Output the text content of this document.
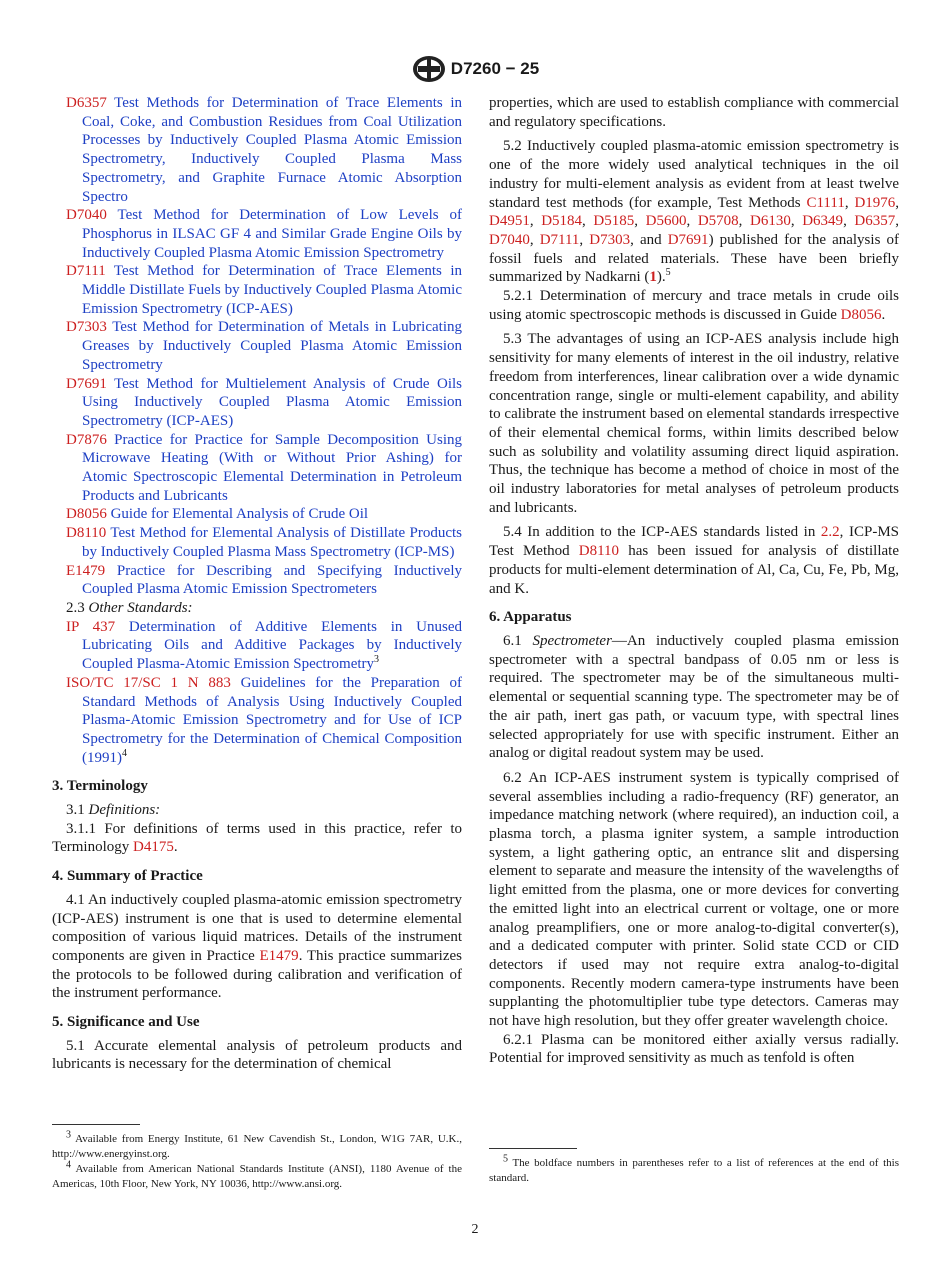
D7260 − 25

D6357 Test Methods for Determination of Trace Elements in Coal, Coke, and Combustion Residues from Coal Utilization Processes by Inductively Coupled Plasma Atomic Emission Spectrometry, Inductively Coupled Plasma Mass Spectrometry, and Graphite Furnace Atomic Absorption Spectro

D7040 Test Method for Determination of Low Levels of Phosphorus in ILSAC GF 4 and Similar Grade Engine Oils by Inductively Coupled Plasma Atomic Emission Spectrometry

D7111 Test Method for Determination of Trace Elements in Middle Distillate Fuels by Inductively Coupled Plasma Atomic Emission Spectrometry (ICP-AES)

D7303 Test Method for Determination of Metals in Lubricating Greases by Inductively Coupled Plasma Atomic Emission Spectrometry

D7691 Test Method for Multielement Analysis of Crude Oils Using Inductively Coupled Plasma Atomic Emission Spectrometry (ICP-AES)

D7876 Practice for Practice for Sample Decomposition Using Microwave Heating (With or Without Prior Ashing) for Atomic Spectroscopic Elemental Determination in Petroleum Products and Lubricants

D8056 Guide for Elemental Analysis of Crude Oil

D8110 Test Method for Elemental Analysis of Distillate Products by Inductively Coupled Plasma Mass Spectrometry (ICP-MS)

E1479 Practice for Describing and Specifying Inductively Coupled Plasma Atomic Emission Spectrometers

2.3 Other Standards:

IP 437 Determination of Additive Elements in Unused Lubricating Oils and Additive Packages by Inductively Coupled Plasma-Atomic Emission Spectrometry$^3$

ISO/TC 17/SC 1 N 883 Guidelines for the Preparation of Standard Methods of Analysis Using Inductively Coupled Plasma-Atomic Emission Spectrometry and for Use of ICP Spectrometry for the Determination of Chemical Composition $(1991)^4$

3. Terminology

3.1 Definitions:

3.1.1 For definitions of terms used in this practice, refer to Terminology D4175.

4. Summary of Practice

4.1 An inductively coupled plasma-atomic emission spectrometry (ICP-AES) instrument is one that is used to determine elemental composition of various liquid matrices. Details of the instrument components are given in Practice E1479. This practice summarizes the protocols to be followed during calibration and verification of the instrument performance.

5. Significance and Use

5.1 Accurate elemental analysis of petroleum products and lubricants is necessary for the determination of chemical

$^3$ Available from Energy Institute, 61 New Cavendish St., London, W1G 7AR, U.K., http://www.energyinst.org.

$^4$ Available from American National Standards Institute (ANSI), 1180 Avenue of the Americas, 10th Floor, New York, NY 10036, http://www.ansi.org.

properties, which are used to establish compliance with commercial and regulatory specifications.

5.2 Inductively coupled plasma-atomic emission spectrometry is one of the more widely used analytical techniques in the oil industry for multi-element analysis as evident from at least twelve standard test methods (for example, Test Methods C1111, D1976, D4951, D5184, D5185, D5600, D5708, D6130, D6349, D6357, D7040, D7111, D7303, and D7691) published for the analysis of fossil fuels and related materials. These have been briefly summarized by Nadkarni (1).$^5$

5.2.1 Determination of mercury and trace metals in crude oils using atomic spectroscopic methods is discussed in Guide D8056.

5.3 The advantages of using an ICP-AES analysis include high sensitivity for many elements of interest in the oil industry, relative freedom from interferences, linear calibration over a wide dynamic concentration range, single or multi-element capability, and ability to calibrate the instrument based on elemental standards irrespective of their elemental chemical forms, within limits described below such as solubility and volatility assuming direct liquid aspiration. Thus, the technique has become a method of choice in most of the oil industry laboratories for metal analyses of petroleum products and lubricants.

5.4 In addition to the ICP-AES standards listed in 2.2, ICP-MS Test Method D8110 has been issued for analysis of distillate products for multi-element determination of Al, Ca, Cu, Fe, Pb, Mg, and K.

6. Apparatus

6.1 Spectrometer—An inductively coupled plasma emission spectrometer with a spectral bandpass of 0.05 nm or less is required. The spectrometer may be of the simultaneous multi-elemental or sequential scanning type. The spectrometer may be of the air path, inert gas path, or vacuum type, with spectral lines selected appropriately for use with specific instrument. Either an analog or digital readout system may be used.

6.2 An ICP-AES instrument system is typically comprised of several assemblies including a radio-frequency (RF) generator, an impedance matching network (where required), an induction coil, a plasma torch, a plasma igniter system, a sample introduction system, a light gathering optic, an entrance slit and dispersing element to separate and measure the intensity of the wavelengths of light emitted from the plasma, one or more devices for converting the emitted light into an electrical current or voltage, one or more analog preamplifiers, one or more analog-to-digital converter(s), and a dedicated computer with printer. Solid state CCD or CID detectors if used may not require extra analog-to-digital components. Recently modern camera-type instruments have been supplanting the photomultiplier tube type detectors. Cameras may not have high resolution, but they offer greater wavelength choice.

6.2.1 Plasma can be monitored either axially versus radially. Potential for improved sensitivity as much as tenfold is often

$^5$ The boldface numbers in parentheses refer to a list of references at the end of this standard.

2
